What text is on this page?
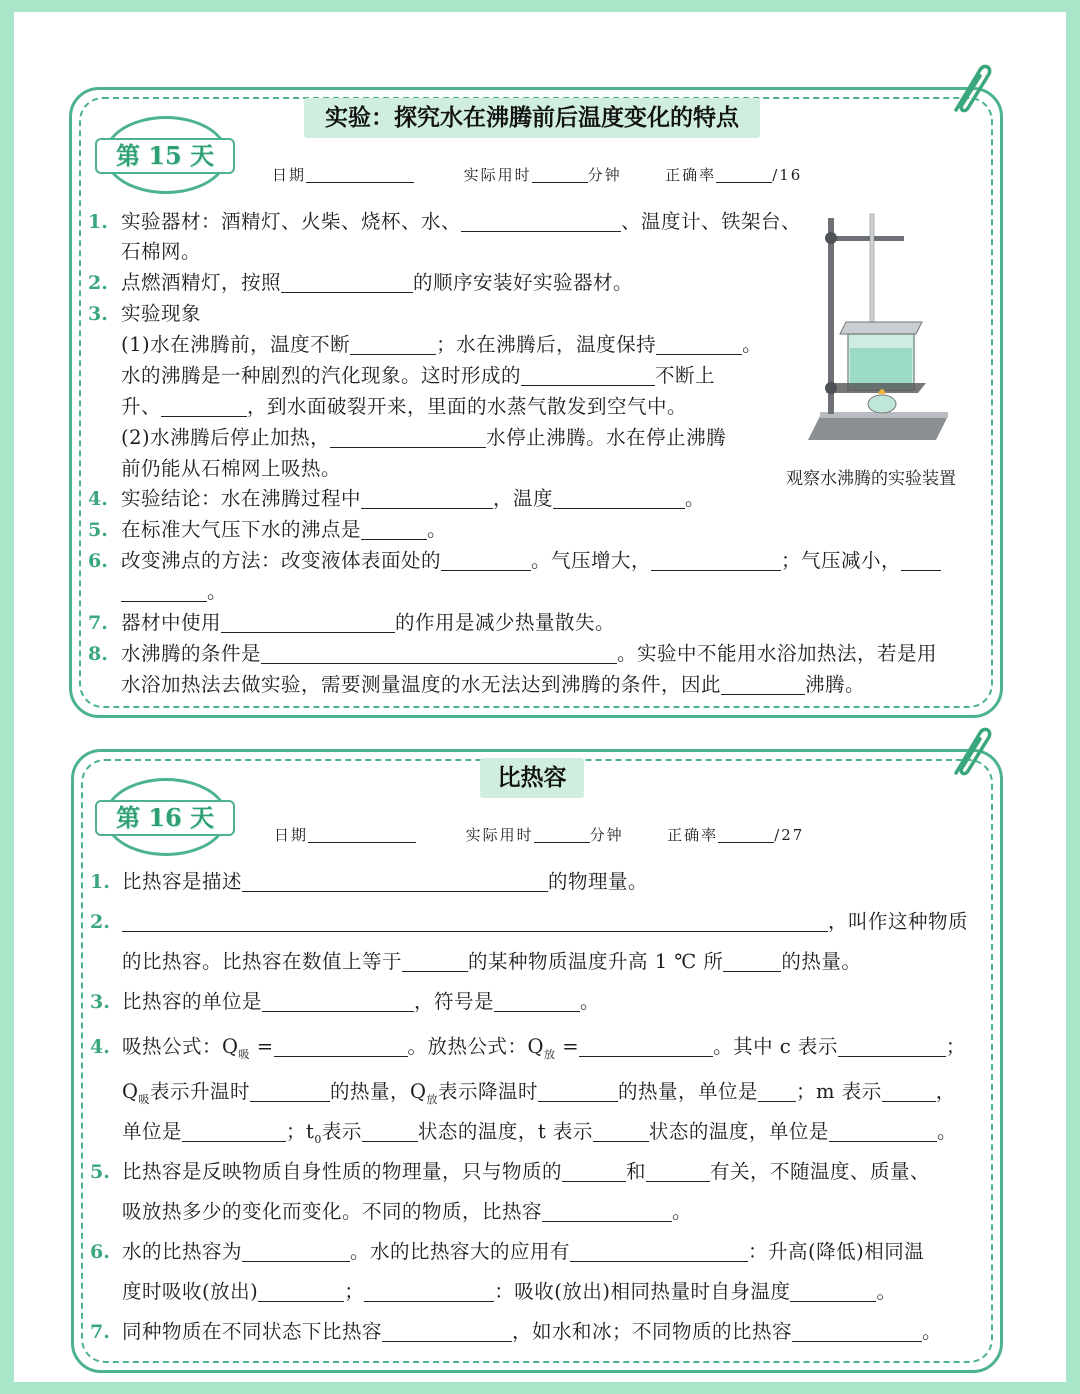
第 15 天
实验：探究水在沸腾前后温度变化的特点
日期	实际用时	分钟	正确率	/16
1. 实验器材：酒精灯、火柴、烧杯、水、	、温度计、铁架台、
石棉网。
2. 点燃酒精灯，按照	的顺序安装好实验器材。
3. 实验现象
(1)水在沸腾前，温度不断	；水在沸腾后，温度保持	。
水的沸腾是一种剧烈的汽化现象。这时形成的	不断上
升、	，到水面破裂开来，里面的水蒸气散发到空气中。
(2)水沸腾后停止加热，	水停止沸腾。水在停止沸腾
前仍能从石棉网上吸热。
4. 实验结论：水在沸腾过程中	，温度	。
5. 在标准大气压下水的沸点是	。
6. 改变沸点的方法：改变液体表面处的	。气压增大，	；气压减小，
。
7. 器材中使用	的作用是减少热量散失。
8. 水沸腾的条件是	。实验中不能用水浴加热法，若是用
水浴加热法去做实验，需要测量温度的水无法达到沸腾的条件，因此	沸腾。
观察水沸腾的实验装置
第 16 天
比热容
日期	实际用时	分钟	正确率	/27
1. 比热容是描述	的物理量。
2.	，叫作这种物质
的比热容。比热容在数值上等于	的某种物质温度升高 1 ℃ 所	的热量。
3. 比热容的单位是	，符号是	。
4. 吸热公式：$Q_吸$ =	。放热公式：$Q_放$ =	。其中 c 表示	；
$Q_吸$表示升温时	的热量，$Q_放$表示降温时	的热量，单位是 ；m 表示	，
单位是	；$t_0$表示	状态的温度，t 表示	状态的温度，单位是	。
5. 比热容是反映物质自身性质的物理量，只与物质的	和	有关，不随温度、质量、
吸放热多少的变化而变化。不同的物质，比热容	。
6. 水的比热容为	。水的比热容大的应用有	：升高(降低)相同温
度时吸收(放出)	；	：吸收(放出)相同热量时自身温度	。
7. 同种物质在不同状态下比热容	，如水和冰；不同物质的比热容	。
